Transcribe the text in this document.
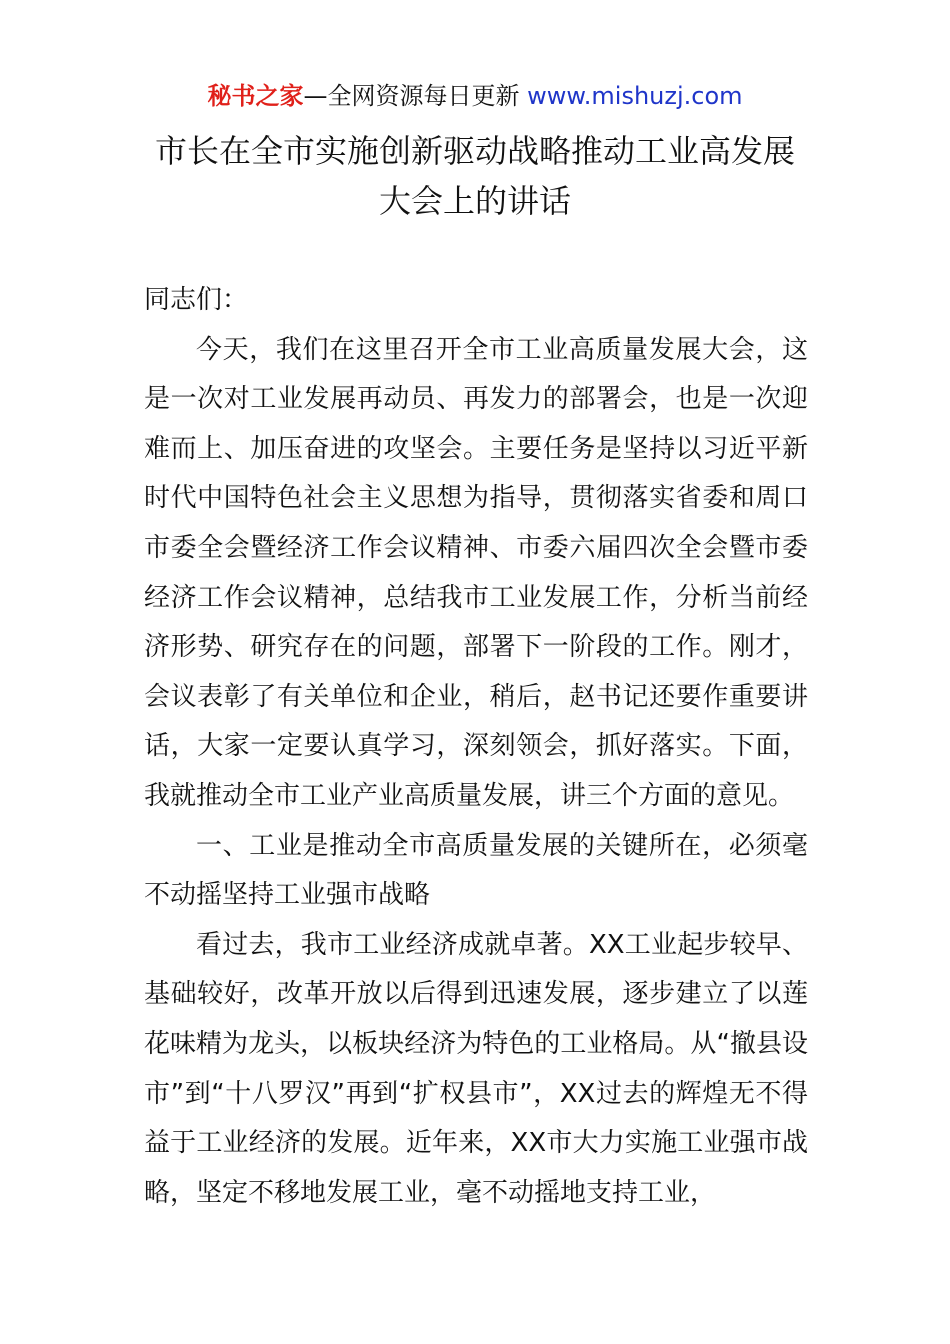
秘书之家—全网资源每日更新 www.mishuzj.com
市长在全市实施创新驱动战略推动工业高发展
大会上的讲话

同志们：

今天，我们在这里召开全市工业高质量发展大会，这是一次对工业发展再动员、再发力的部署会，也是一次迎难而上、加压奋进的攻坚会。主要任务是坚持以习近平新时代中国特色社会主义思想为指导，贯彻落实省委和周口市委全会暨经济工作会议精神、市委六届四次全会暨市委经济工作会议精神，总结我市工业发展工作，分析当前经济形势、研究存在的问题，部署下一阶段的工作。刚才，会议表彰了有关单位和企业，稍后，赵书记还要作重要讲话，大家一定要认真学习，深刻领会，抓好落实。下面，我就推动全市工业产业高质量发展，讲三个方面的意见。

一、工业是推动全市高质量发展的关键所在，必须毫不动摇坚持工业强市战略

看过去，我市工业经济成就卓著。XX工业起步较早、基础较好，改革开放以后得到迅速发展，逐步建立了以莲花味精为龙头，以板块经济为特色的工业格局。从“撤县设市”到“十八罗汉”再到“扩权县市”，XX过去的辉煌无不得益于工业经济的发展。近年来，XX市大力实施工业强市战略，坚定不移地发展工业，毫不动摇地支持工业，
